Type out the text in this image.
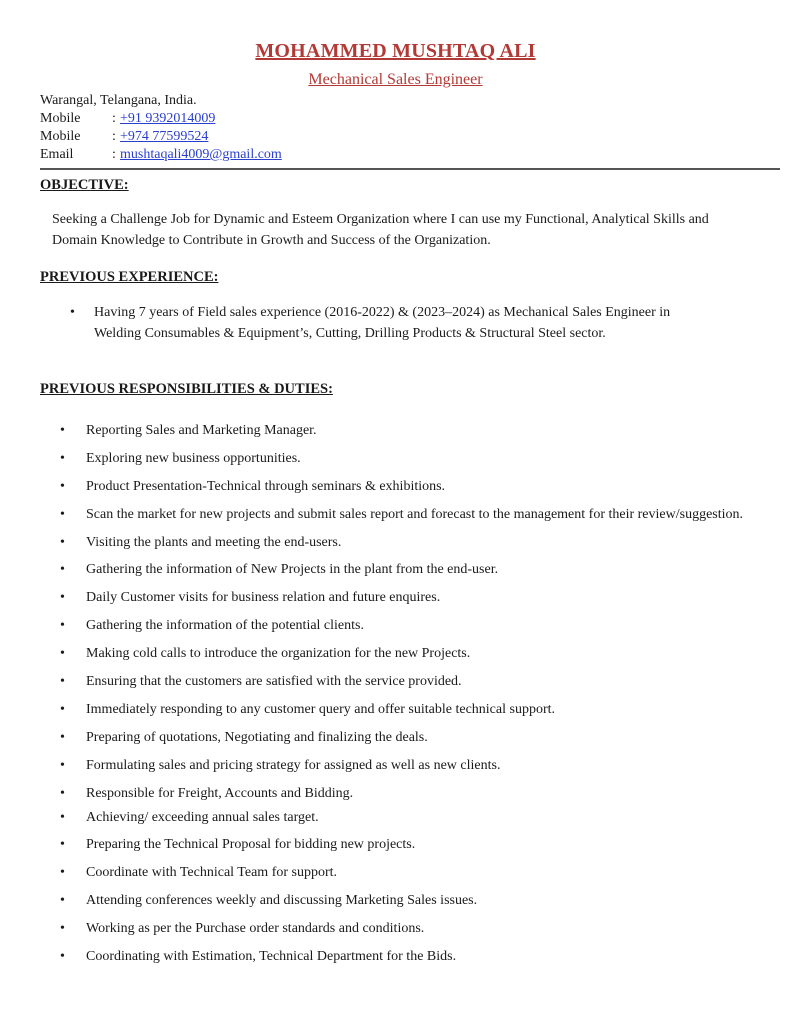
MOHAMMED MUSHTAQ ALI
Mechanical Sales Engineer
Warangal, Telangana, India.
Mobile	: +91 9392014009
Mobile	: +974 77599524
Email	: mushtaqali4009@gmail.com
OBJECTIVE:
Seeking a Challenge Job for Dynamic and Esteem Organization where I can use my Functional, Analytical Skills and Domain Knowledge to Contribute in Growth and Success of the Organization.
PREVIOUS EXPERIENCE:
•	Having 7 years of Field sales experience (2016-2022) & (2023–2024) as Mechanical Sales Engineer in Welding Consumables & Equipment’s, Cutting, Drilling Products & Structural Steel sector.
PREVIOUS RESPONSIBILITIES & DUTIES:
•	Reporting Sales and Marketing Manager.
•	Exploring new business opportunities.
•	Product Presentation-Technical through seminars & exhibitions.
•	Scan the market for new projects and submit sales report and forecast to the management for their review/suggestion.
•	Visiting the plants and meeting the end-users.
•	Gathering the information of New Projects in the plant from the end-user.
•	Daily Customer visits for business relation and future enquires.
•	Gathering the information of the potential clients.
•	Making cold calls to introduce the organization for the new Projects.
•	Ensuring that the customers are satisfied with the service provided.
•	Immediately responding to any customer query and offer suitable technical support.
•	Preparing of quotations, Negotiating and finalizing the deals.
•	Formulating sales and pricing strategy for assigned as well as new clients.
•	Responsible for Freight, Accounts and Bidding.
•	Achieving/ exceeding annual sales target.
•	Preparing the Technical Proposal for bidding new projects.
•	Coordinate with Technical Team for support.
•	Attending conferences weekly and discussing Marketing Sales issues.
•	Working as per the Purchase order standards and conditions.
•	Coordinating with Estimation, Technical Department for the Bids.
